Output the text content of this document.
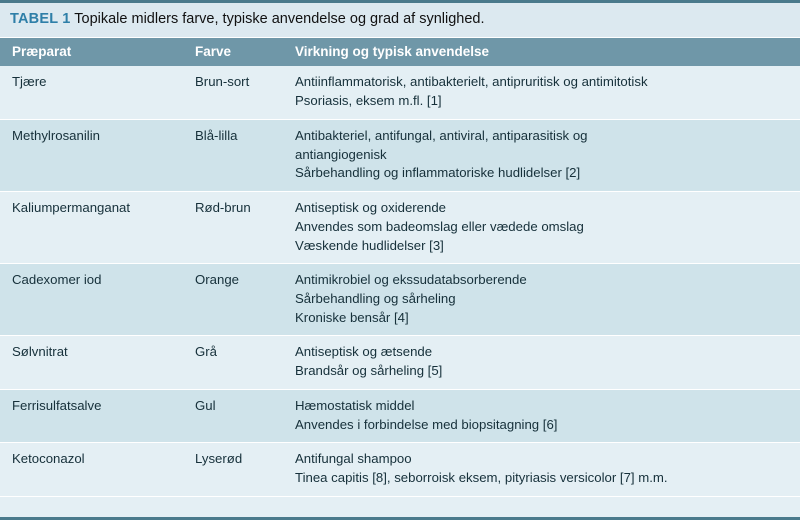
TABEL 1 Topikale midlers farve, typiske anvendelse og grad af synlighed.
Præparat	Farve	Virkning og typisk anvendelse
Tjære	Brun-sort	Antiinflammatorisk, antibakterielt, antipruritisk og antimitotisk
Psoriasis, eksem m.fl. [1]
Methylrosanilin	Blå-lilla	Antibakteriel, antifungal, antiviral, antiparasitisk og
antiangiogenisk
Sårbehandling og inflammatoriske hudlidelser [2]
Kaliumpermanganat	Rød-brun	Antiseptisk og oxiderende
Anvendes som badeomslag eller vædede omslag
Væskende hudlidelser [3]
Cadexomer iod	Orange	Antimikrobiel og ekssudatabsorberende
Sårbehandling og sårheling
Kroniske bensår [4]
Sølvnitrat	Grå	Antiseptisk og ætsende
Brandsår og sårheling [5]
Ferrisulfatsalve	Gul	Hæmostatisk middel
Anvendes i forbindelse med biopsitagning [6]
Ketoconazol	Lyserød	Antifungal shampoo
Tinea capitis [8], seborroisk eksem, pityriasis versicolor [7] m.m.
